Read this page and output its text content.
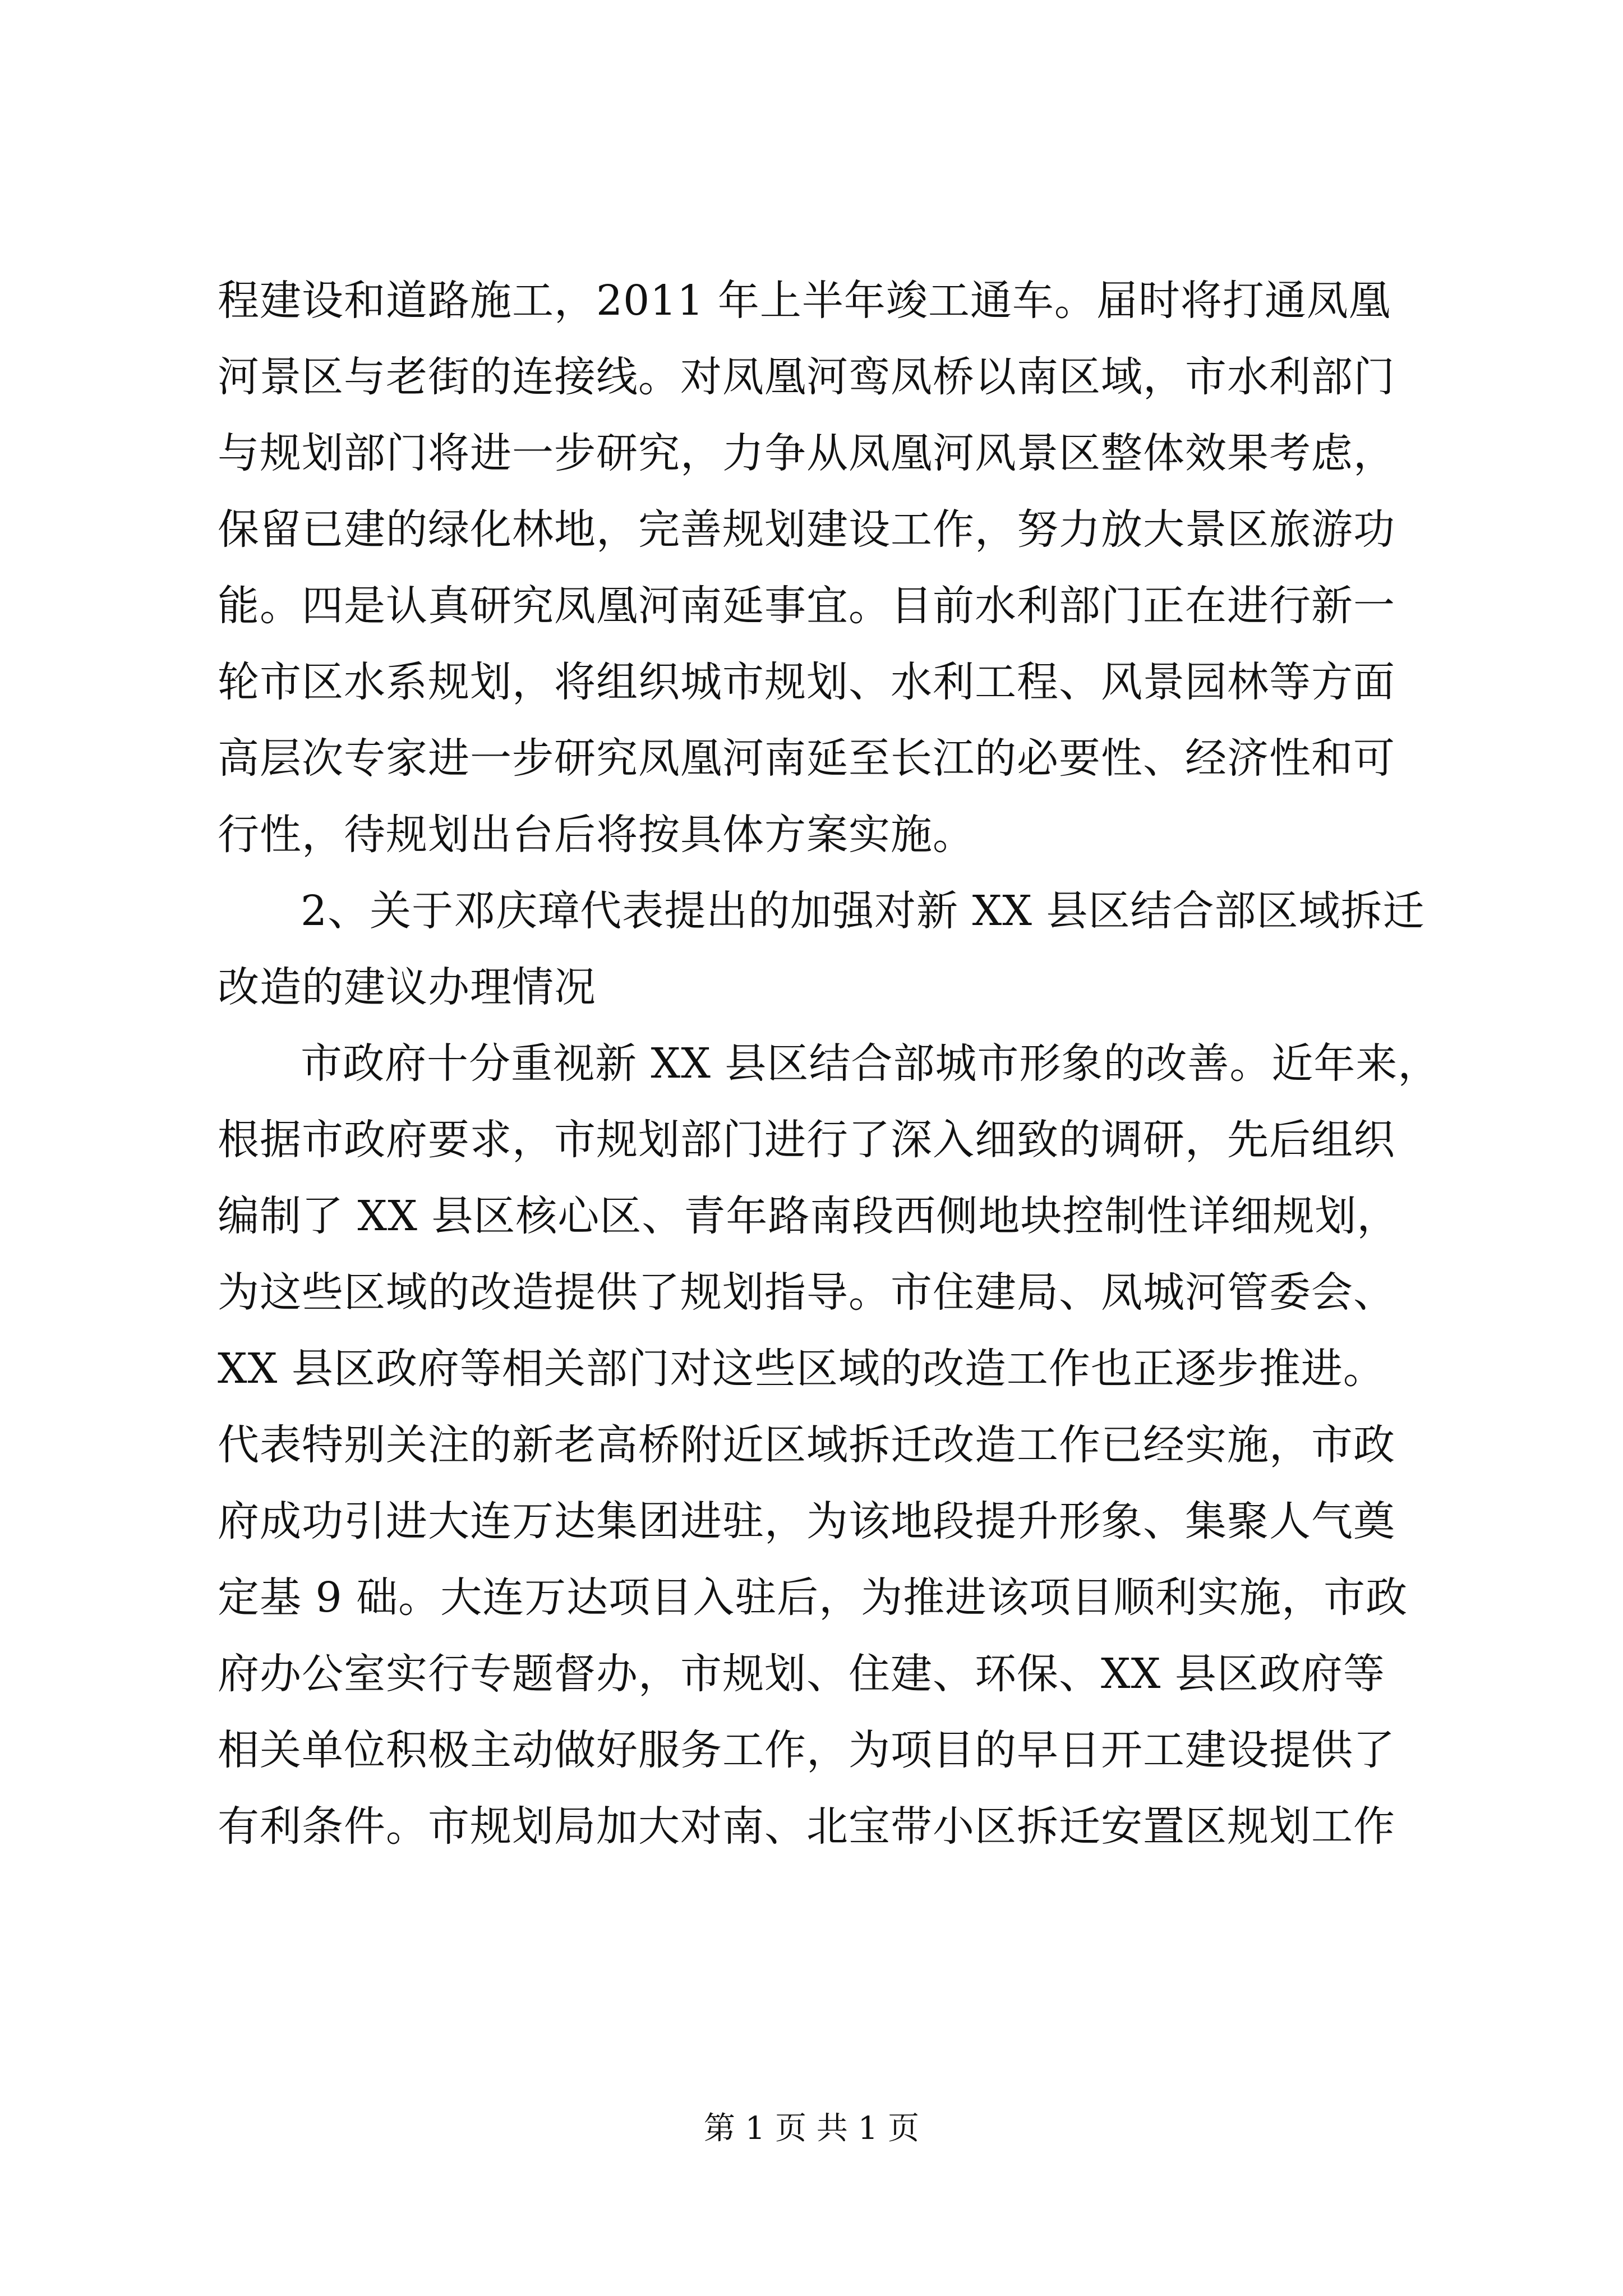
程建设和道路施工，2011 年上半年竣工通车。届时将打通凤凰
河景区与老街的连接线。对凤凰河鸾凤桥以南区域，市水利部门
与规划部门将进一步研究，力争从凤凰河风景区整体效果考虑，
保留已建的绿化林地，完善规划建设工作，努力放大景区旅游功
能。四是认真研究凤凰河南延事宜。目前水利部门正在进行新一
轮市区水系规划，将组织城市规划、水利工程、风景园林等方面
高层次专家进一步研究凤凰河南延至长江的必要性、经济性和可
行性，待规划出台后将按具体方案实施。
2、关于邓庆璋代表提出的加强对新 XX 县区结合部区域拆迁
改造的建议办理情况
市政府十分重视新 XX 县区结合部城市形象的改善。近年来，
根据市政府要求，市规划部门进行了深入细致的调研，先后组织
编制了 XX 县区核心区、青年路南段西侧地块控制性详细规划，
为这些区域的改造提供了规划指导。市住建局、凤城河管委会、
XX 县区政府等相关部门对这些区域的改造工作也正逐步推进。
代表特别关注的新老高桥附近区域拆迁改造工作已经实施，市政
府成功引进大连万达集团进驻，为该地段提升形象、集聚人气奠
定基 9 础。大连万达项目入驻后，为推进该项目顺利实施，市政
府办公室实行专题督办，市规划、住建、环保、XX 县区政府等
相关单位积极主动做好服务工作，为项目的早日开工建设提供了
有利条件。市规划局加大对南、北宝带小区拆迁安置区规划工作
第 1 页 共 1 页
